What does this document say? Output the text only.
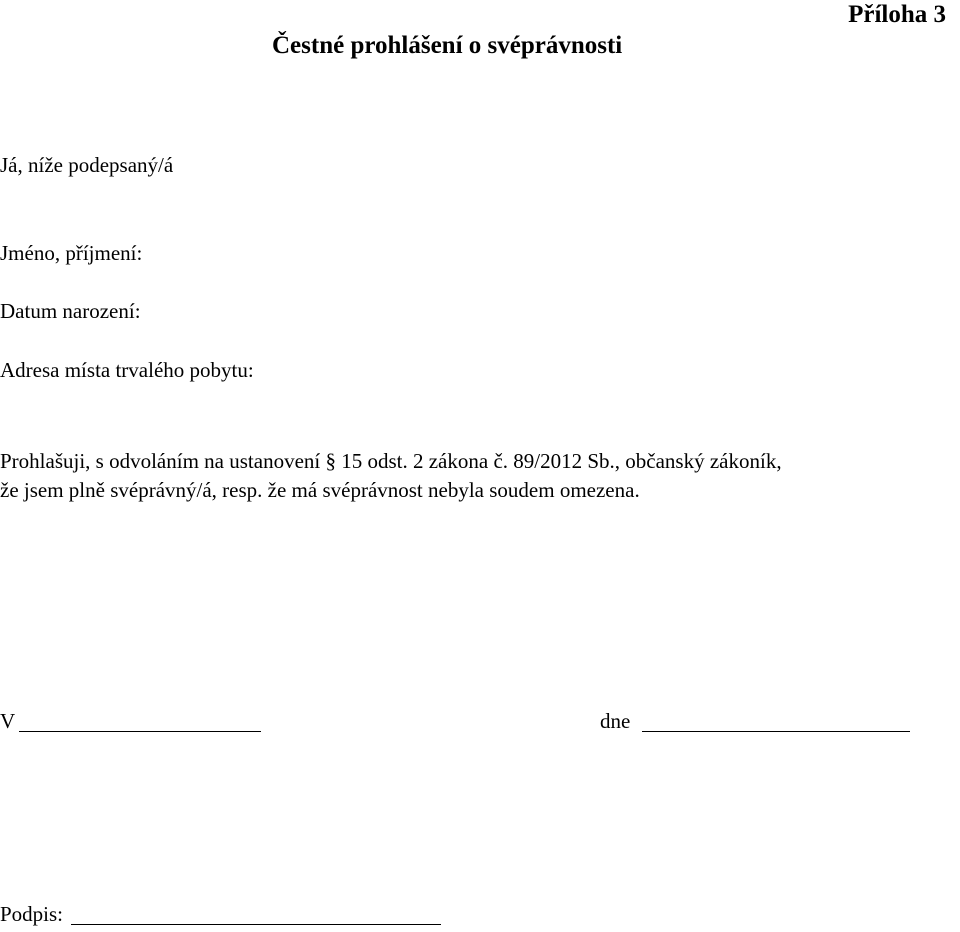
Příloha 3
Čestné prohlášení o svéprávnosti
Já, níže podepsaný/á
Jméno, příjmení:
Datum narození:
Adresa místa trvalého pobytu:
Prohlašuji, s odvoláním na ustanovení § 15 odst. 2 zákona č. 89/2012 Sb., občanský zákoník,
že jsem plně svéprávný/á, resp. že má svéprávnost nebyla soudem omezena.
V	dne
Podpis:
